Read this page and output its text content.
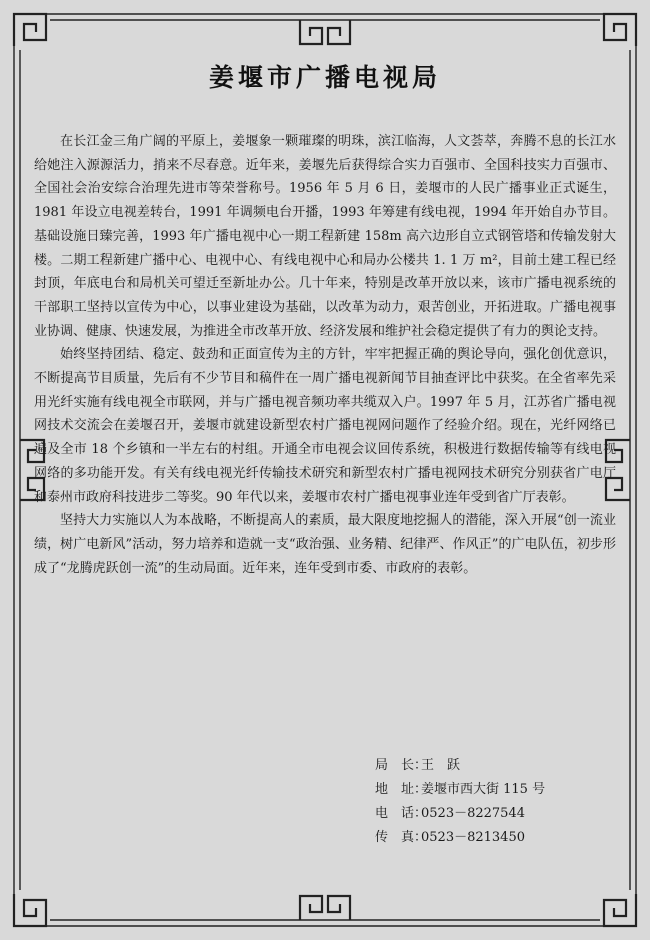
姜堰市广播电视局

在长江金三角广阔的平原上，姜堰象一颗璀璨的明珠，滨江临海，人文荟萃，奔腾不息的长江水给她注入源源活力，捎来不尽春意。近年来，姜堰先后获得综合实力百强市、全国科技实力百强市、全国社会治安综合治理先进市等荣誉称号。1956 年 5 月 6 日，姜堰市的人民广播事业正式诞生，1981 年设立电视差转台，1991 年调频电台开播，1993 年筹建有线电视，1994 年开始自办节目。基础设施日臻完善，1993 年广播电视中心一期工程新建 158m 高六边形自立式钢管塔和传输发射大楼。二期工程新建广播中心、电视中心、有线电视中心和局办公楼共 1. 1 万 m²，目前土建工程已经封顶，年底电台和局机关可望迁至新址办公。几十年来，特别是改革开放以来，该市广播电视系统的干部职工坚持以宣传为中心，以事业建设为基础，以改革为动力，艰苦创业，开拓进取。广播电视事业协调、健康、快速发展，为推进全市改革开放、经济发展和维护社会稳定提供了有力的舆论支持。

始终坚持团结、稳定、鼓劲和正面宣传为主的方针，牢牢把握正确的舆论导向，强化创优意识，不断提高节目质量，先后有不少节目和稿件在一周广播电视新闻节目抽查评比中获奖。在全省率先采用光纤实施有线电视全市联网，并与广播电视音频功率共缆双入户。1997 年 5 月，江苏省广播电视网技术交流会在姜堰召开，姜堰市就建设新型农村广播电视网问题作了经验介绍。现在，光纤网络已遍及全市 18 个乡镇和一半左右的村组。开通全市电视会议回传系统，积极进行数据传输等有线电视网络的多功能开发。有关有线电视光纤传输技术研究和新型农村广播电视网技术研究分别获省广电厅和泰州市政府科技进步二等奖。90 年代以来，姜堰市农村广播电视事业连年受到省广厅表彰。

坚持大力实施以人为本战略，不断提高人的素质，最大限度地挖掘人的潜能，深入开展“创一流业绩，树广电新风”活动，努力培养和造就一支“政治强、业务精、纪律严、作风正”的广电队伍，初步形成了“龙腾虎跃创一流”的生动局面。近年来，连年受到市委、市政府的表彰。

局　长：
王　跃
地　址：
姜堰市西大街 115 号
电　话：
0523－8227544
传　真：
0523－8213450
